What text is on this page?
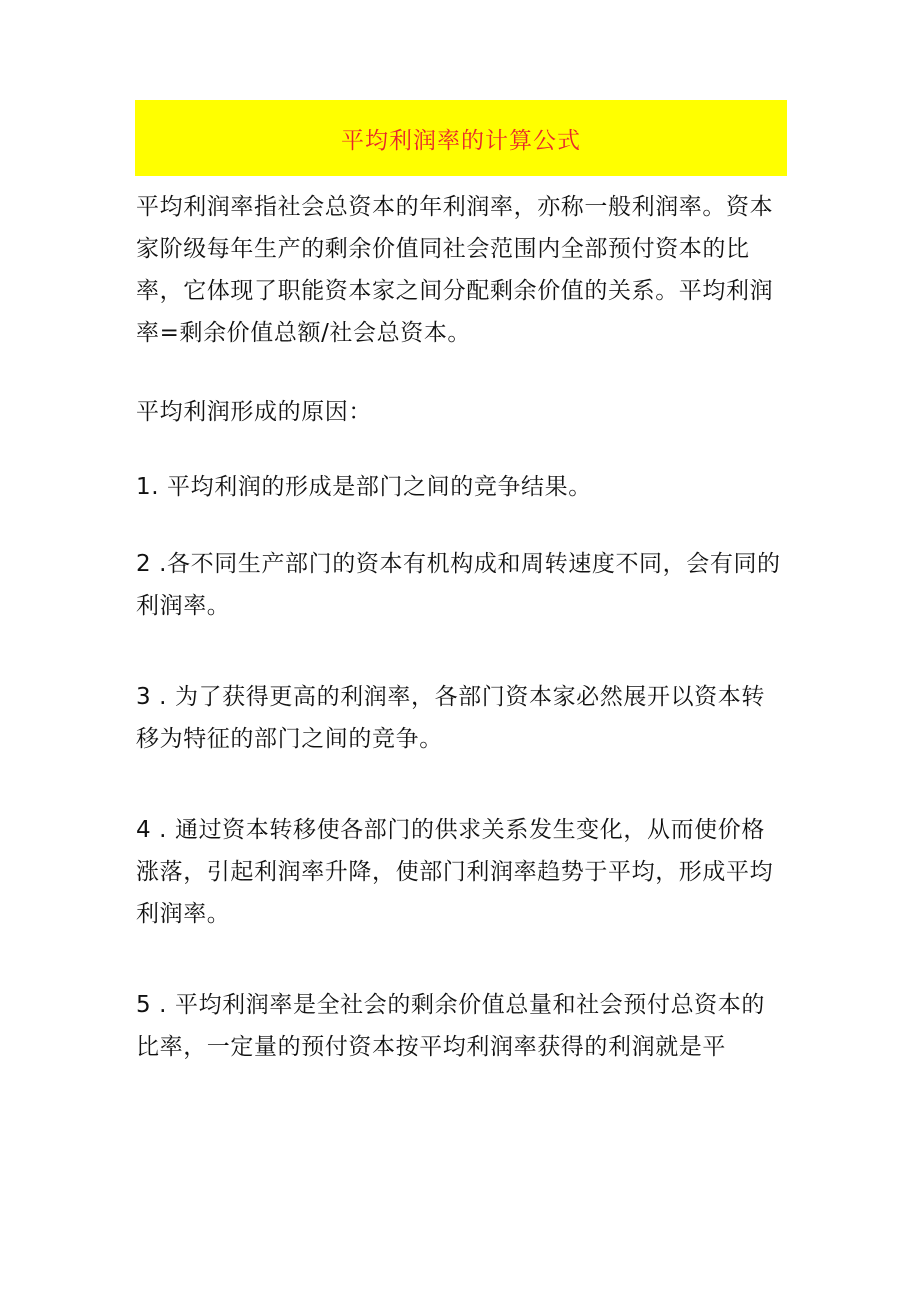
平均利润率的计算公式

平均利润率指社会总资本的年利润率，亦称一般利润率。资本家阶级每年生产的剩余价值同社会范围内全部预付资本的比率，它体现了职能资本家之间分配剩余价值的关系。平均利润率=剩余价值总额/社会总资本。

平均利润形成的原因：

1. 平均利润的形成是部门之间的竞争结果。

2 .各不同生产部门的资本有机构成和周转速度不同，会有同的利润率。

3 . 为了获得更高的利润率，各部门资本家必然展开以资本转移为特征的部门之间的竞争。

4 . 通过资本转移使各部门的供求关系发生变化，从而使价格涨落，引起利润率升降，使部门利润率趋势于平均，形成平均利润率。

5 . 平均利润率是全社会的剩余价值总量和社会预付总资本的比率，一定量的预付资本按平均利润率获得的利润就是平
